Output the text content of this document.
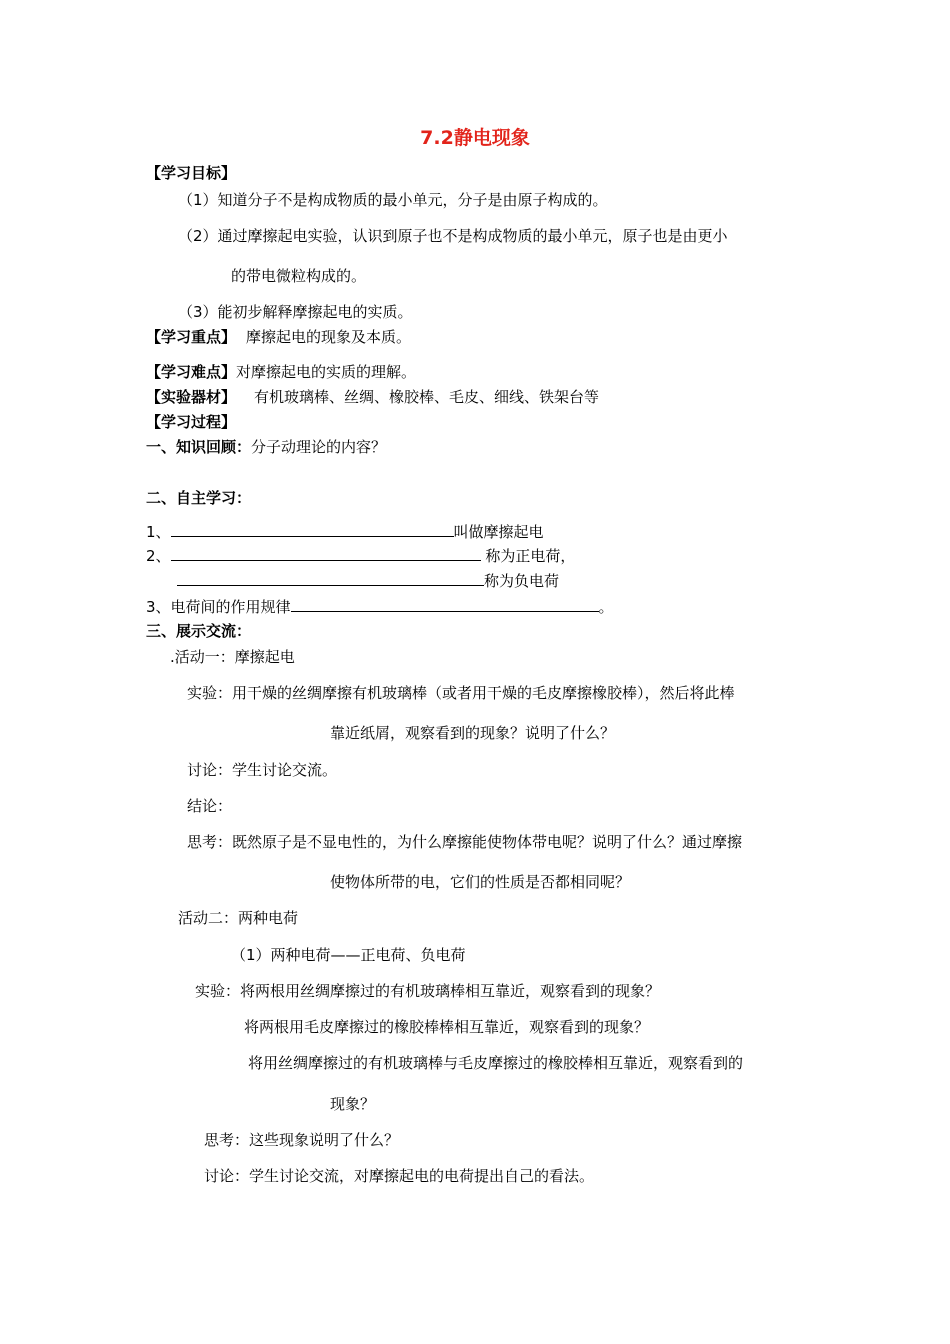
7.2静电现象
【学习目标】
（1）知道分子不是构成物质的最小单元，分子是由原子构成的。
（2）通过摩擦起电实验，认识到原子也不是构成物质的最小单元，原子也是由更小
的带电微粒构成的。
（3）能初步解释摩擦起电的实质。
【学习重点】 摩擦起电的现象及本质。
【学习难点】对摩擦起电的实质的理解。
【实验器材】 有机玻璃棒、丝绸、橡胶棒、毛皮、细线、铁架台等
【学习过程】
一、知识回顾：分子动理论的内容？
二、自主学习：
1、	叫做摩擦起电
2、	称为正电荷，
称为负电荷
3、电荷间的作用规律	。
三、展示交流：
.活动一：摩擦起电
实验：用干燥的丝绸摩擦有机玻璃棒（或者用干燥的毛皮摩擦橡胶棒），然后将此棒
靠近纸屑，观察看到的现象？说明了什么？
讨论：学生讨论交流。
结论：
思考：既然原子是不显电性的，为什么摩擦能使物体带电呢？说明了什么？通过摩擦
使物体所带的电，它们的性质是否都相同呢？
活动二：两种电荷
（1）两种电荷——正电荷、负电荷
实验：将两根用丝绸摩擦过的有机玻璃棒相互靠近，观察看到的现象？
将两根用毛皮摩擦过的橡胶棒棒相互靠近，观察看到的现象？
将用丝绸摩擦过的有机玻璃棒与毛皮摩擦过的橡胶棒相互靠近，观察看到的
现象？
思考：这些现象说明了什么？
讨论：学生讨论交流，对摩擦起电的电荷提出自己的看法。
